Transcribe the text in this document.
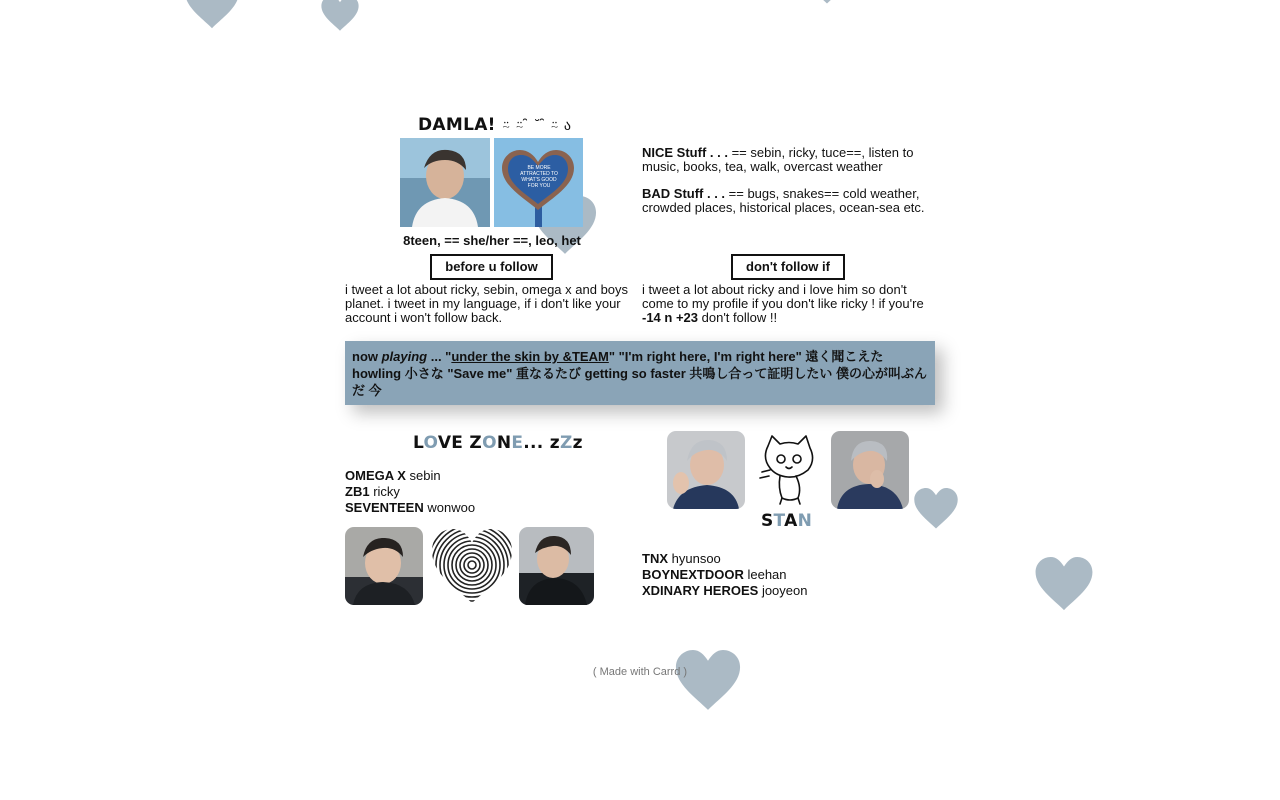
DAMLA! ⍨ ⍨ ̑ ˘ ̑ ⍨ ა
BE MORE ATTRACTED TO WHAT'S GOOD FOR YOU
8teen, == she/her ==, leo, het
NICE Stuff . . . == sebin, ricky, tuce==, listen to music, books, tea, walk, overcast weather
BAD Stuff . . . == bugs, snakes== cold weather, crowded places, historical places, ocean-sea etc.
before u follow	don't follow if
i tweet a lot about ricky, sebin, omega x and boys planet. i tweet in my language, if i don't like your account i won't follow back.
i tweet a lot about ricky and i love him so don't come to my profile if you don't like ricky ! if you're -14 n +23 don't follow !!
now playing ... "under the skin by &TEAM" "I'm right here, I'm right here" 遠く聞こえた howling 小さな "Save me" 重なるたび getting so faster 共鳴し合って証明したい 僕の心が叫ぶんだ 今
LOVE ZONE... zZz
OMEGA X sebin
ZB1 ricky
SEVENTEEN wonwoo
STAN
TNX hyunsoo
BOYNEXTDOOR leehan
XDINARY HEROES jooyeon
( Made with Carrd )
